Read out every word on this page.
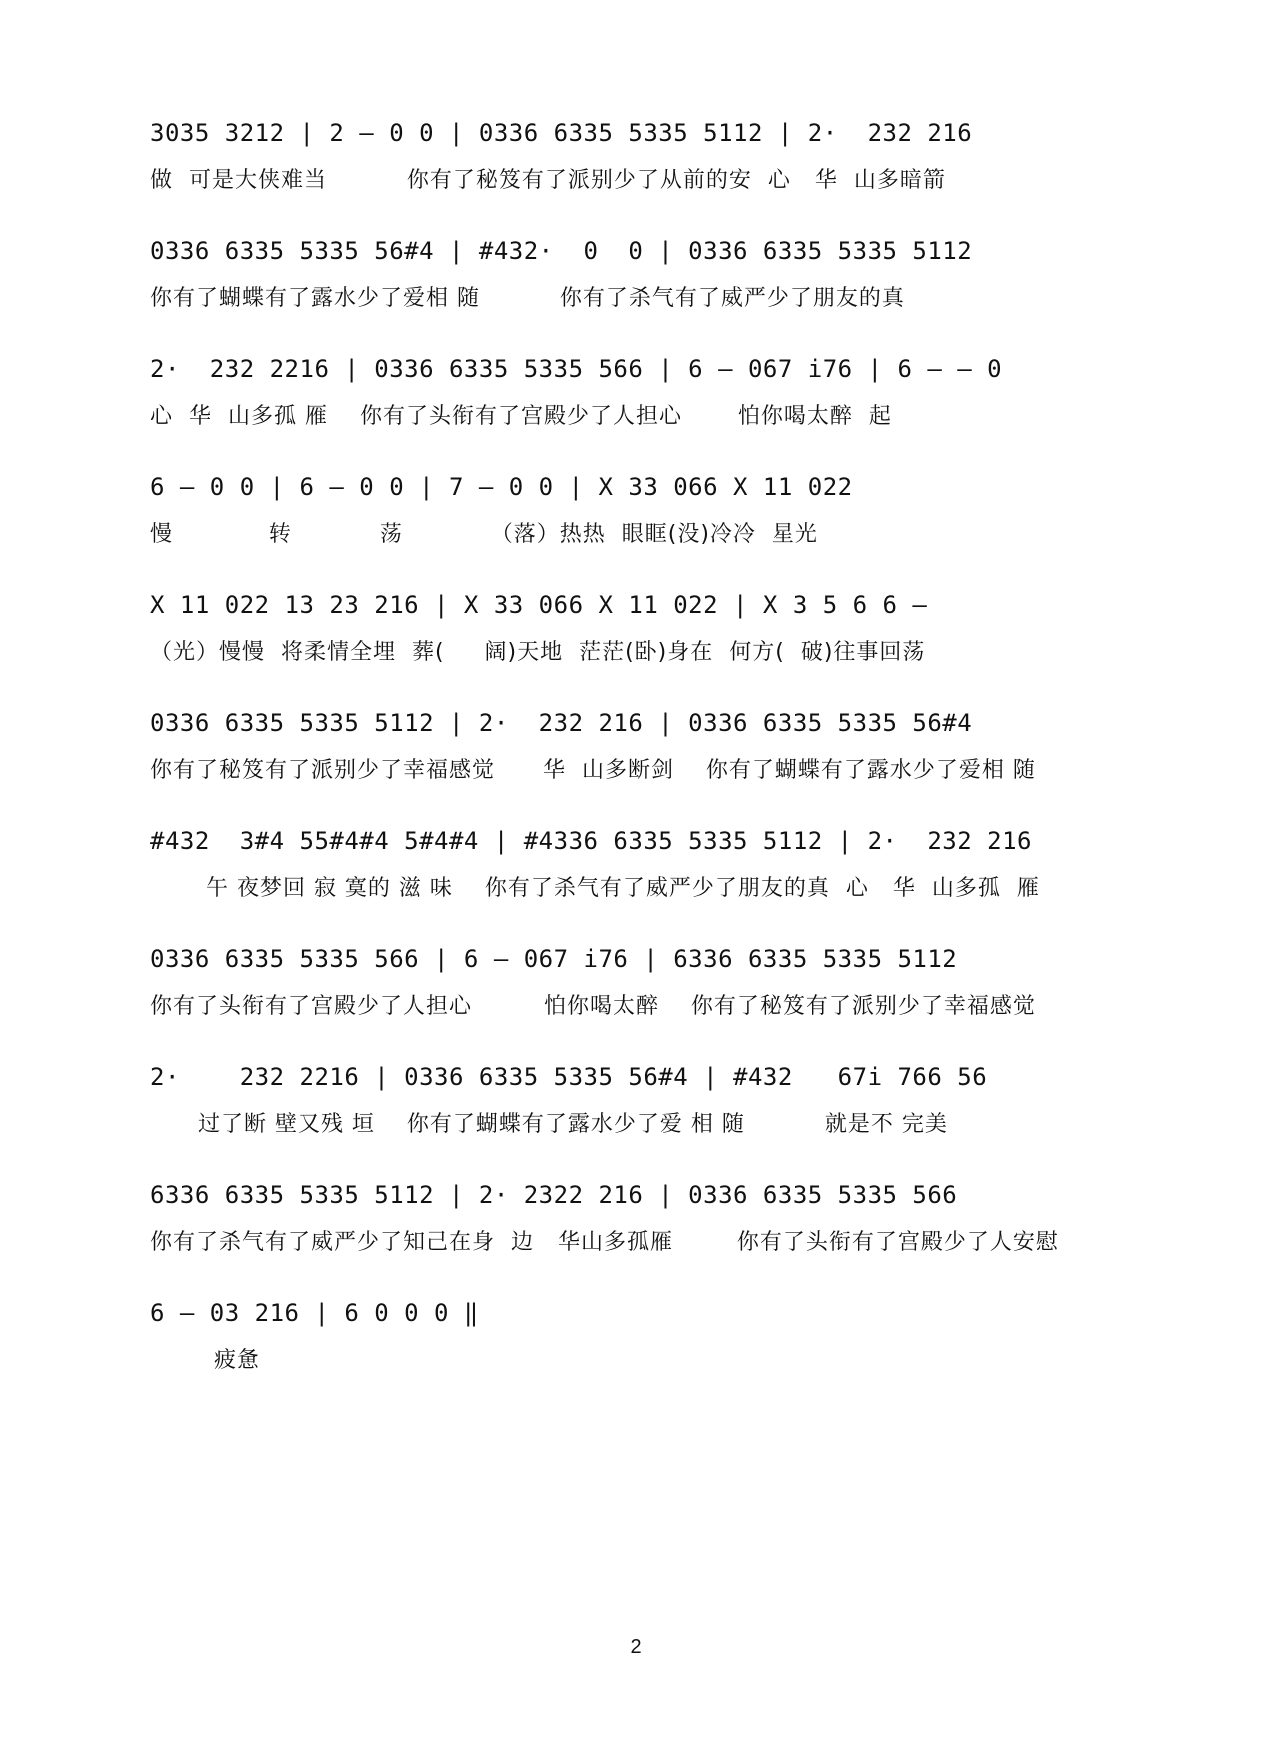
3035 3212 | 2 — 0 0 | 0336 6335 5335 5112 | 2·  232 216
做  可是大侠难当          你有了秘笈有了派别少了从前的安  心   华  山多暗箭
0336 6335 5335 56#4 | #432·  0  0 | 0336 6335 5335 5112
你有了蝴蝶有了露水少了爱相 随          你有了杀气有了威严少了朋友的真
2·  232 2216 | 0336 6335 5335 566 | 6 — 067 i76 | 6 — — 0
心  华  山多孤 雁    你有了头衔有了宫殿少了人担心       怕你喝太醉  起
6 — 0 0 | 6 — 0 0 | 7 — 0 0 | X 33 066 X 11 022
慢            转           荡           （落）热热  眼眶(没)冷冷  星光
X 11 022 13 23 216 | X 33 066 X 11 022 | X 3 5 6 6 —
（光）慢慢  将柔情全埋  葬(     阔)天地  茫茫(卧)身在  何方(  破)往事回荡
0336 6335 5335 5112 | 2·  232 216 | 0336 6335 5335 56#4
你有了秘笈有了派别少了幸福感觉      华  山多断剑    你有了蝴蝶有了露水少了爱相 随
#432  3#4 55#4#4 5#4#4 | #4336 6335 5335 5112 | 2·  232 216
午 夜梦回 寂 寞的 滋 味    你有了杀气有了威严少了朋友的真  心   华  山多孤  雁
0336 6335 5335 566 | 6 — 067 i76 | 6336 6335 5335 5112
你有了头衔有了宫殿少了人担心         怕你喝太醉    你有了秘笈有了派别少了幸福感觉
2·    232 2216 | 0336 6335 5335 56#4 | #432   67i 766 56
过了断 壁又残 垣    你有了蝴蝶有了露水少了爱 相 随          就是不 完美
6336 6335 5335 5112 | 2· 2322 216 | 0336 6335 5335 566
你有了杀气有了威严少了知己在身  边   华山多孤雁        你有了头衔有了宫殿少了人安慰
6 — 03 216 | 6 0 0 0 ‖
疲惫
2
